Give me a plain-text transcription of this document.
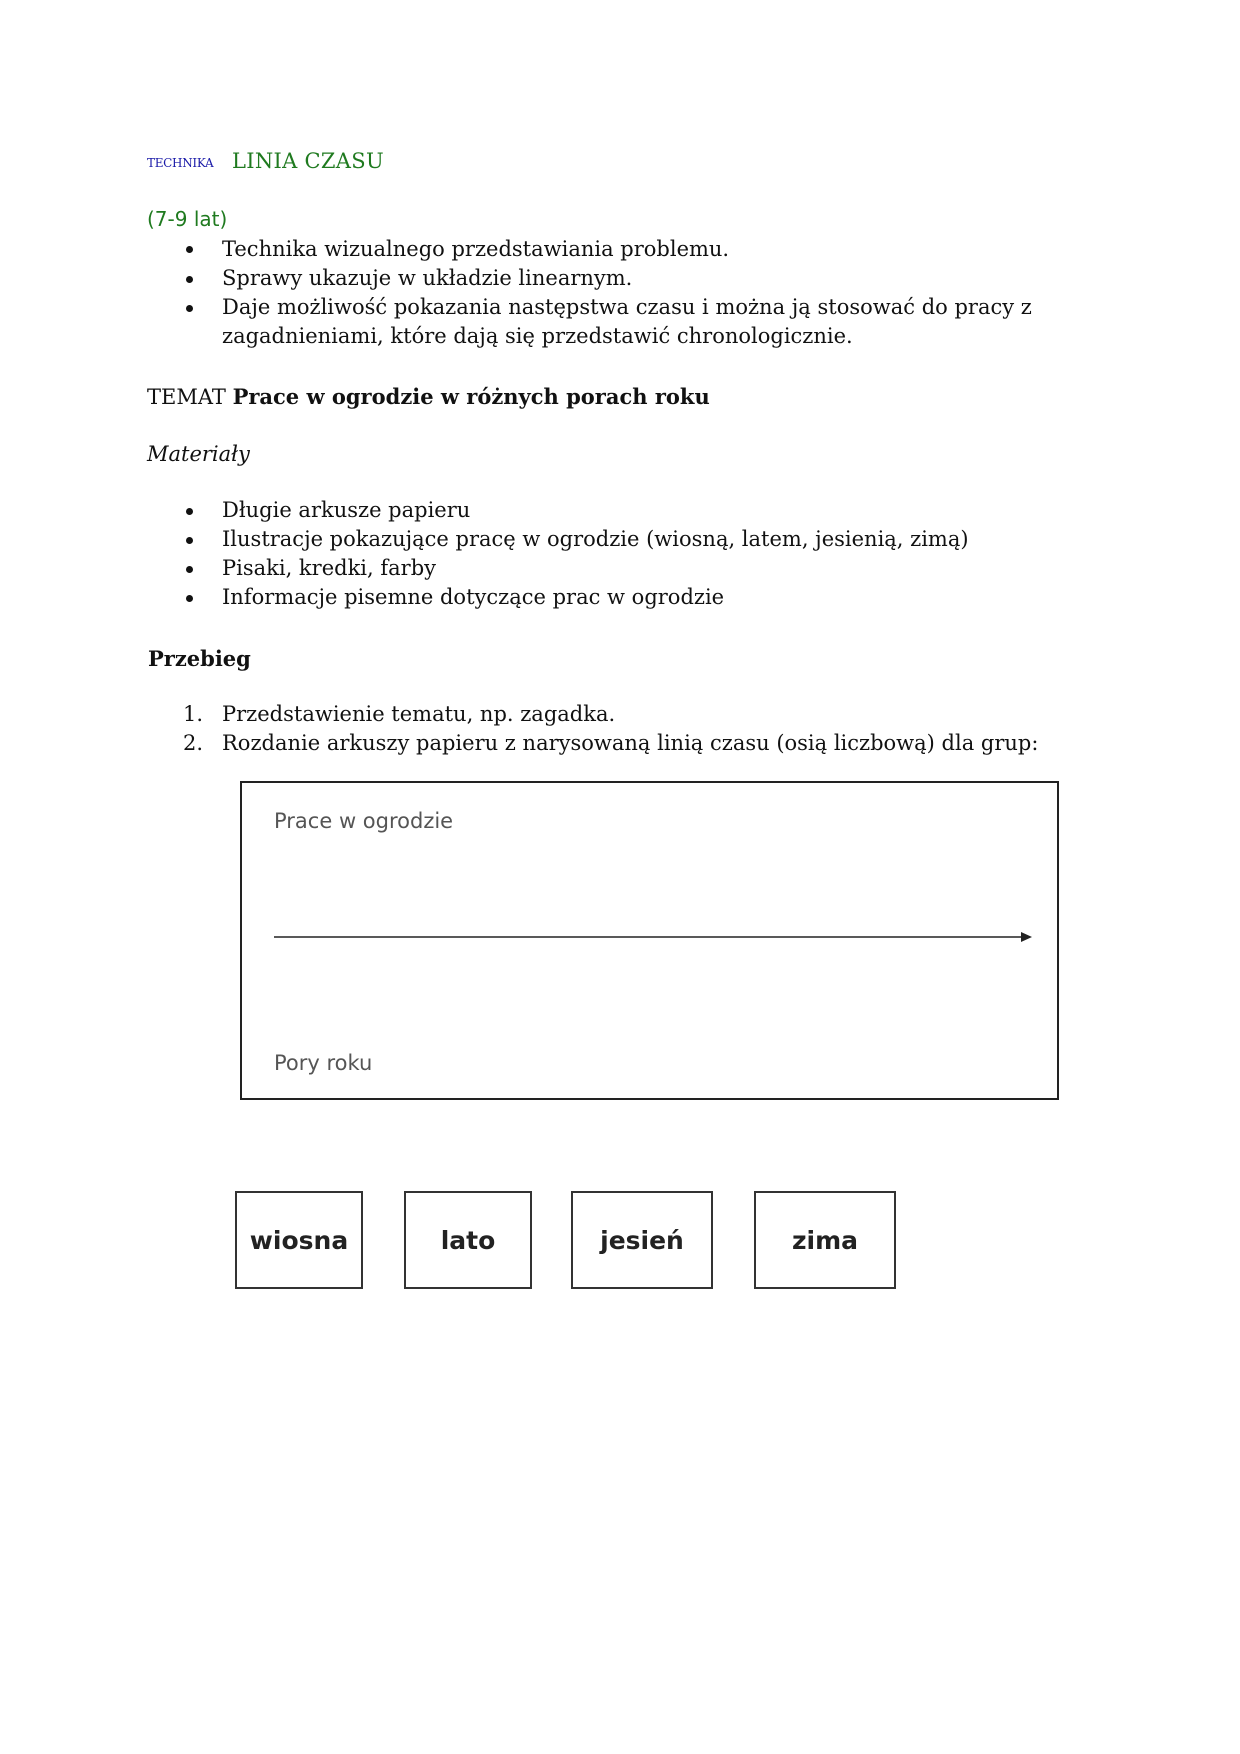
TECHNIKA LINIA CZASU
(7-9 lat)
Technika wizualnego przedstawiania problemu.
Sprawy ukazuje w układzie linearnym.
Daje możliwość pokazania następstwa czasu i można ją stosować do pracy z
zagadnieniami, które dają się przedstawić chronologicznie.
TEMAT Prace w ogrodzie w różnych porach roku
Materiały
Długie arkusze papieru
Ilustracje pokazujące pracę w ogrodzie (wiosną, latem, jesienią, zimą)
Pisaki, kredki, farby
Informacje pisemne dotyczące prac w ogrodzie
Przebieg
1. Przedstawienie tematu, np. zagadka.
2. Rozdanie arkuszy papieru z narysowaną linią czasu (osią liczbową) dla grup:
Prace w ogrodzie
Pory roku
wiosna	lato	jesień	zima
